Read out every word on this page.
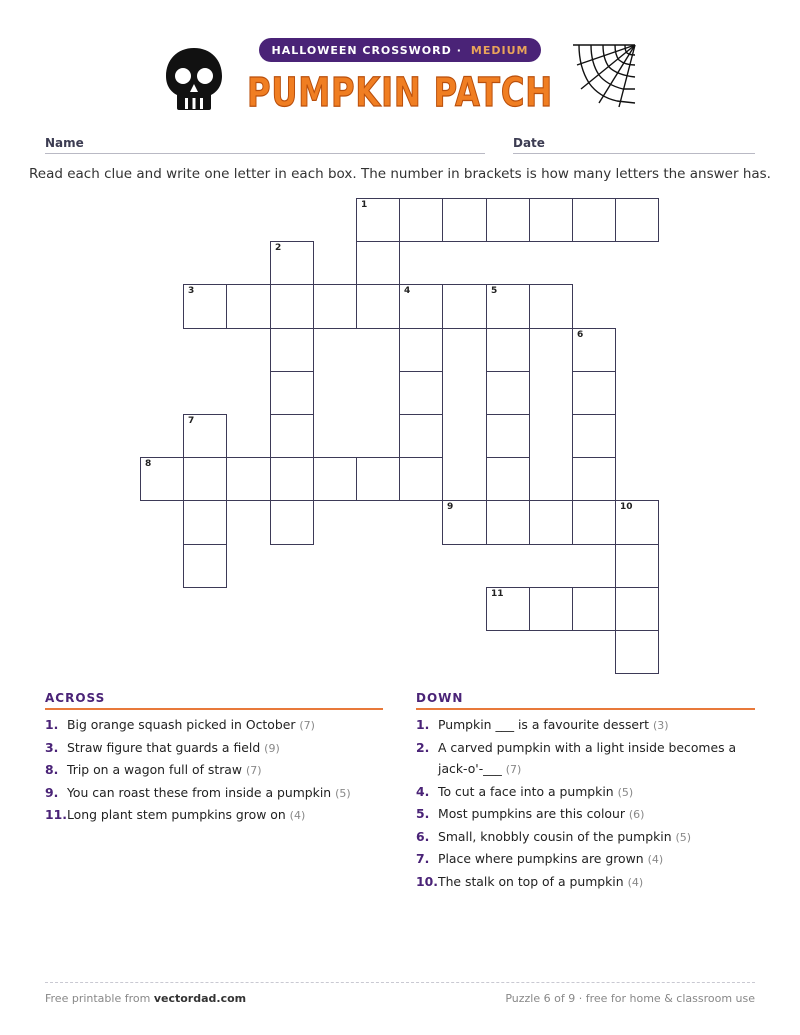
HALLOWEEN CROSSWORD · MEDIUM
PUMPKIN PATCH
Name	Date
Read each clue and write one letter in each box. The number in brackets is how many letters the answer has.
1
2
3	4	5
6
7
8
9	10
11
ACROSS
1. Big orange squash picked in October (7)
3. Straw figure that guards a field (9)
8. Trip on a wagon full of straw (7)
9. You can roast these from inside a pumpkin (5)
11. Long plant stem pumpkins grow on (4)
DOWN
1. Pumpkin ___ is a favourite dessert (3)
2. A carved pumpkin with a light inside becomes a jack-o'-___ (7)
4. To cut a face into a pumpkin (5)
5. Most pumpkins are this colour (6)
6. Small, knobbly cousin of the pumpkin (5)
7. Place where pumpkins are grown (4)
10. The stalk on top of a pumpkin (4)
Free printable from vectordad.com	Puzzle 6 of 9 · free for home & classroom use
